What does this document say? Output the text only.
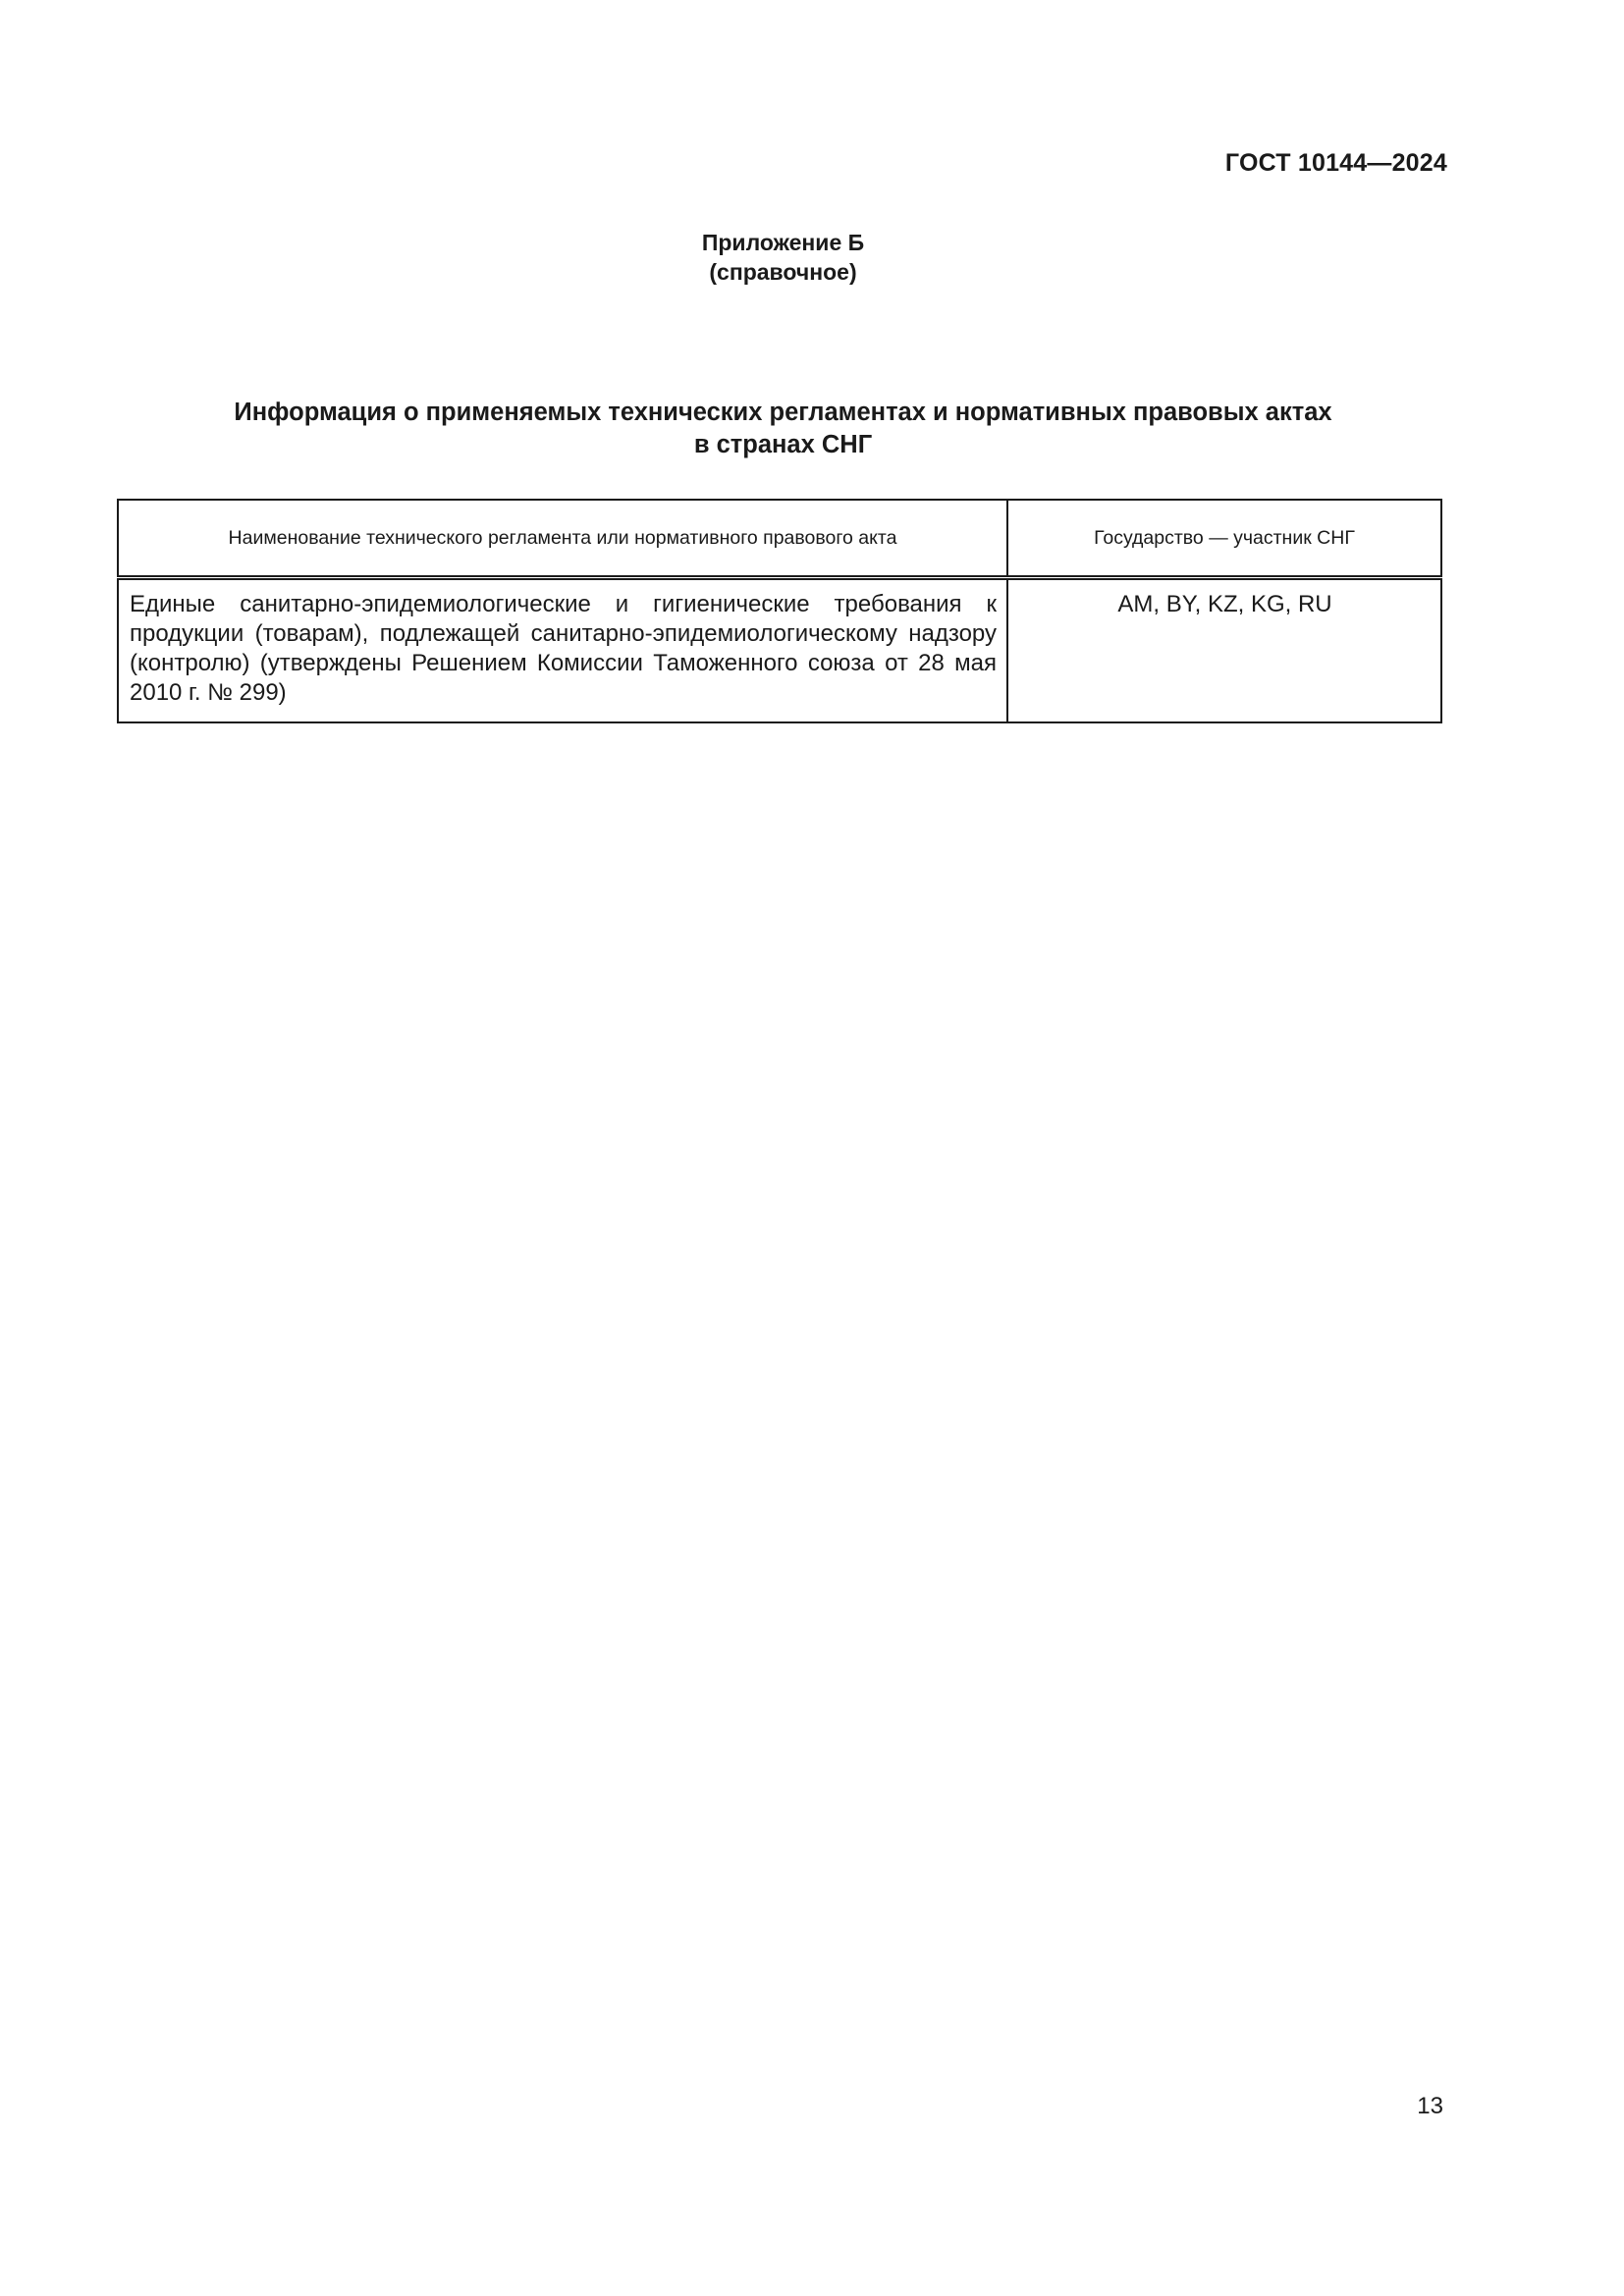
ГОСТ 10144—2024
Приложение Б
(справочное)
Информация о применяемых технических регламентах и нормативных правовых актах
в странах СНГ
Наименование технического регламента или нормативного правового акта	Государство — участник СНГ
Единые санитарно-эпидемиологические и гигиенические требования к продукции (товарам), подлежащей санитарно-эпидемиологическому надзору (контролю) (утверждены Решением Комиссии Таможенного союза от 28 мая 2010 г. № 299)	AM, BY, KZ, KG, RU
13
